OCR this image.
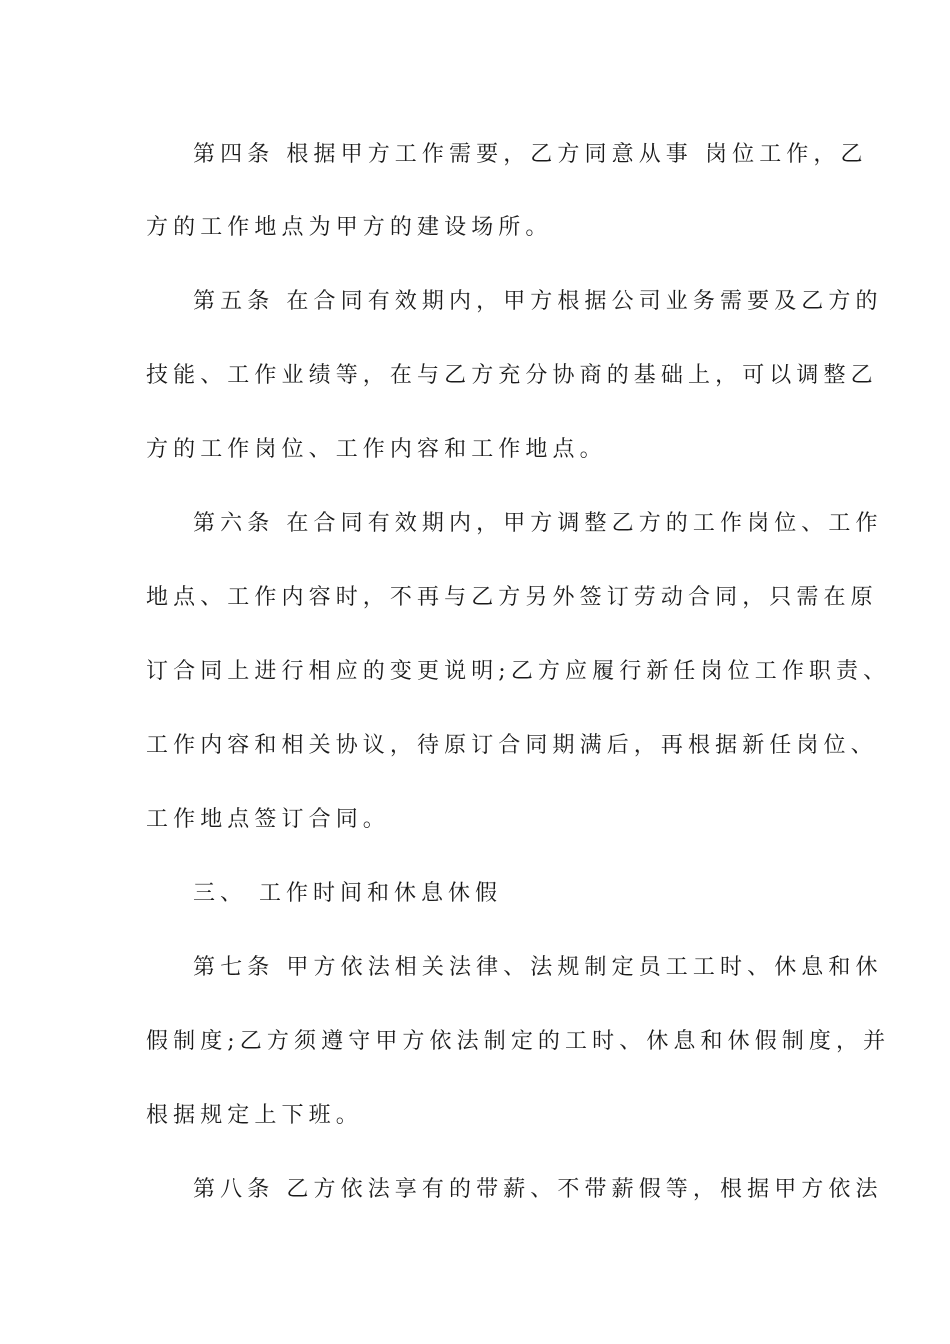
第四条 根据甲方工作需要，乙方同意从事 岗位工作，乙
方的工作地点为甲方的建设场所。
第五条 在合同有效期内，甲方根据公司业务需要及乙方的
技能、工作业绩等，在与乙方充分协商的基础上，可以调整乙
方的工作岗位、工作内容和工作地点。
第六条 在合同有效期内，甲方调整乙方的工作岗位、工作
地点、工作内容时，不再与乙方另外签订劳动合同，只需在原
订合同上进行相应的变更说明;乙方应履行新任岗位工作职责、
工作内容和相关协议，待原订合同期满后，再根据新任岗位、
工作地点签订合同。
三、 工作时间和休息休假
第七条 甲方依法相关法律、法规制定员工工时、休息和休
假制度;乙方须遵守甲方依法制定的工时、休息和休假制度，并
根据规定上下班。
第八条 乙方依法享有的带薪、不带薪假等，根据甲方依法
